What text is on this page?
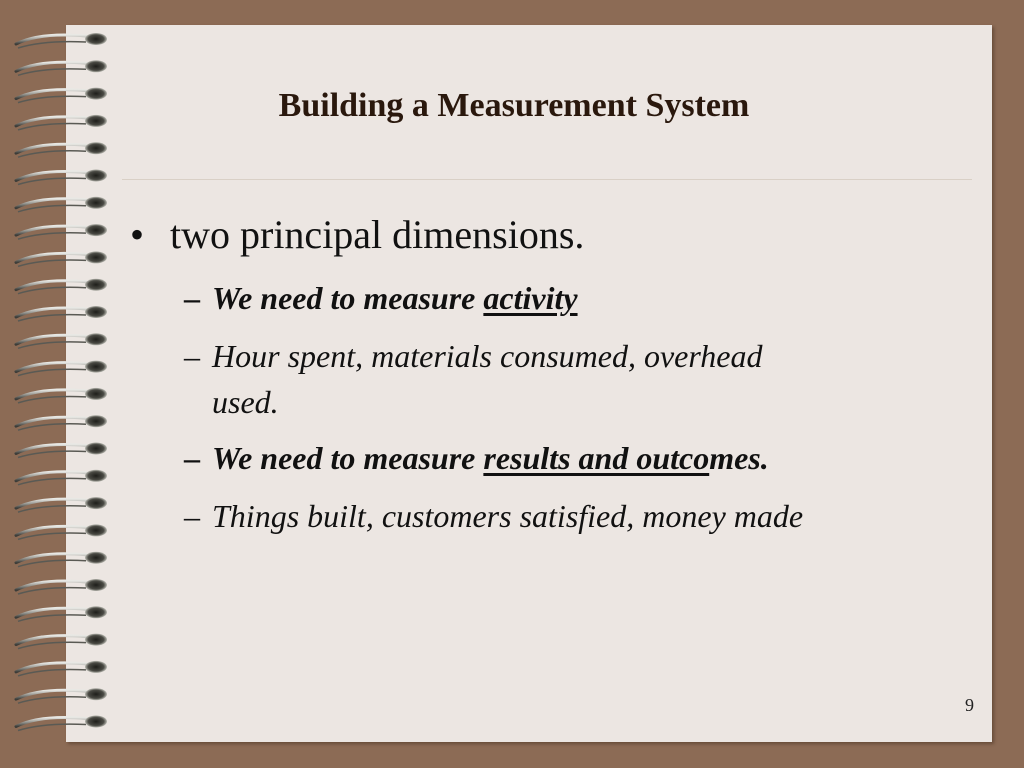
Building a Measurement System
• two principal dimensions.
– We need to measure activity
– Hour spent, materials consumed, overhead
used.
– We need to measure results and outcomes.
– Things built, customers satisfied, money made
9
